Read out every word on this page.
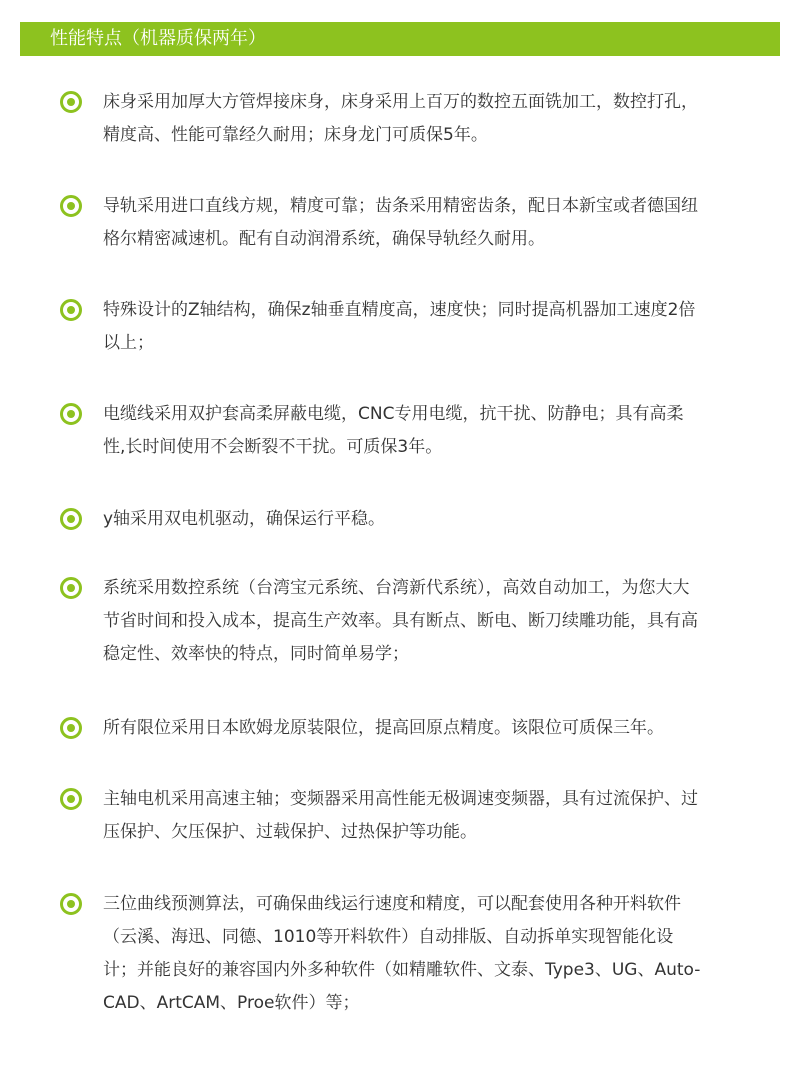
性能特点（机器质保两年）
床身采用加厚大方管焊接床身，床身采用上百万的数控五面铣加工，数控打孔，
精度高、性能可靠经久耐用；床身龙门可质保5年。
导轨采用进口直线方规，精度可靠；齿条采用精密齿条，配日本新宝或者德国纽
格尔精密减速机。配有自动润滑系统，确保导轨经久耐用。
特殊设计的Z轴结构，确保z轴垂直精度高，速度快；同时提高机器加工速度2倍
以上；
电缆线采用双护套高柔屏蔽电缆，CNC专用电缆，抗干扰、防静电；具有高柔
性,长时间使用不会断裂不干扰。可质保3年。
y轴采用双电机驱动，确保运行平稳。
系统采用数控系统（台湾宝元系统、台湾新代系统），高效自动加工，为您大大
节省时间和投入成本，提高生产效率。具有断点、断电、断刀续雕功能，具有高
稳定性、效率快的特点，同时简单易学；
所有限位采用日本欧姆龙原装限位，提高回原点精度。该限位可质保三年。
主轴电机采用高速主轴；变频器采用高性能无极调速变频器，具有过流保护、过
压保护、欠压保护、过载保护、过热保护等功能。
三位曲线预测算法，可确保曲线运行速度和精度，可以配套使用各种开料软件
（云溪、海迅、同德、1010等开料软件）自动排版、自动拆单实现智能化设
计；并能良好的兼容国内外多种软件（如精雕软件、文泰、Type3、UG、Auto-
CAD、ArtCAM、Proe软件）等；
